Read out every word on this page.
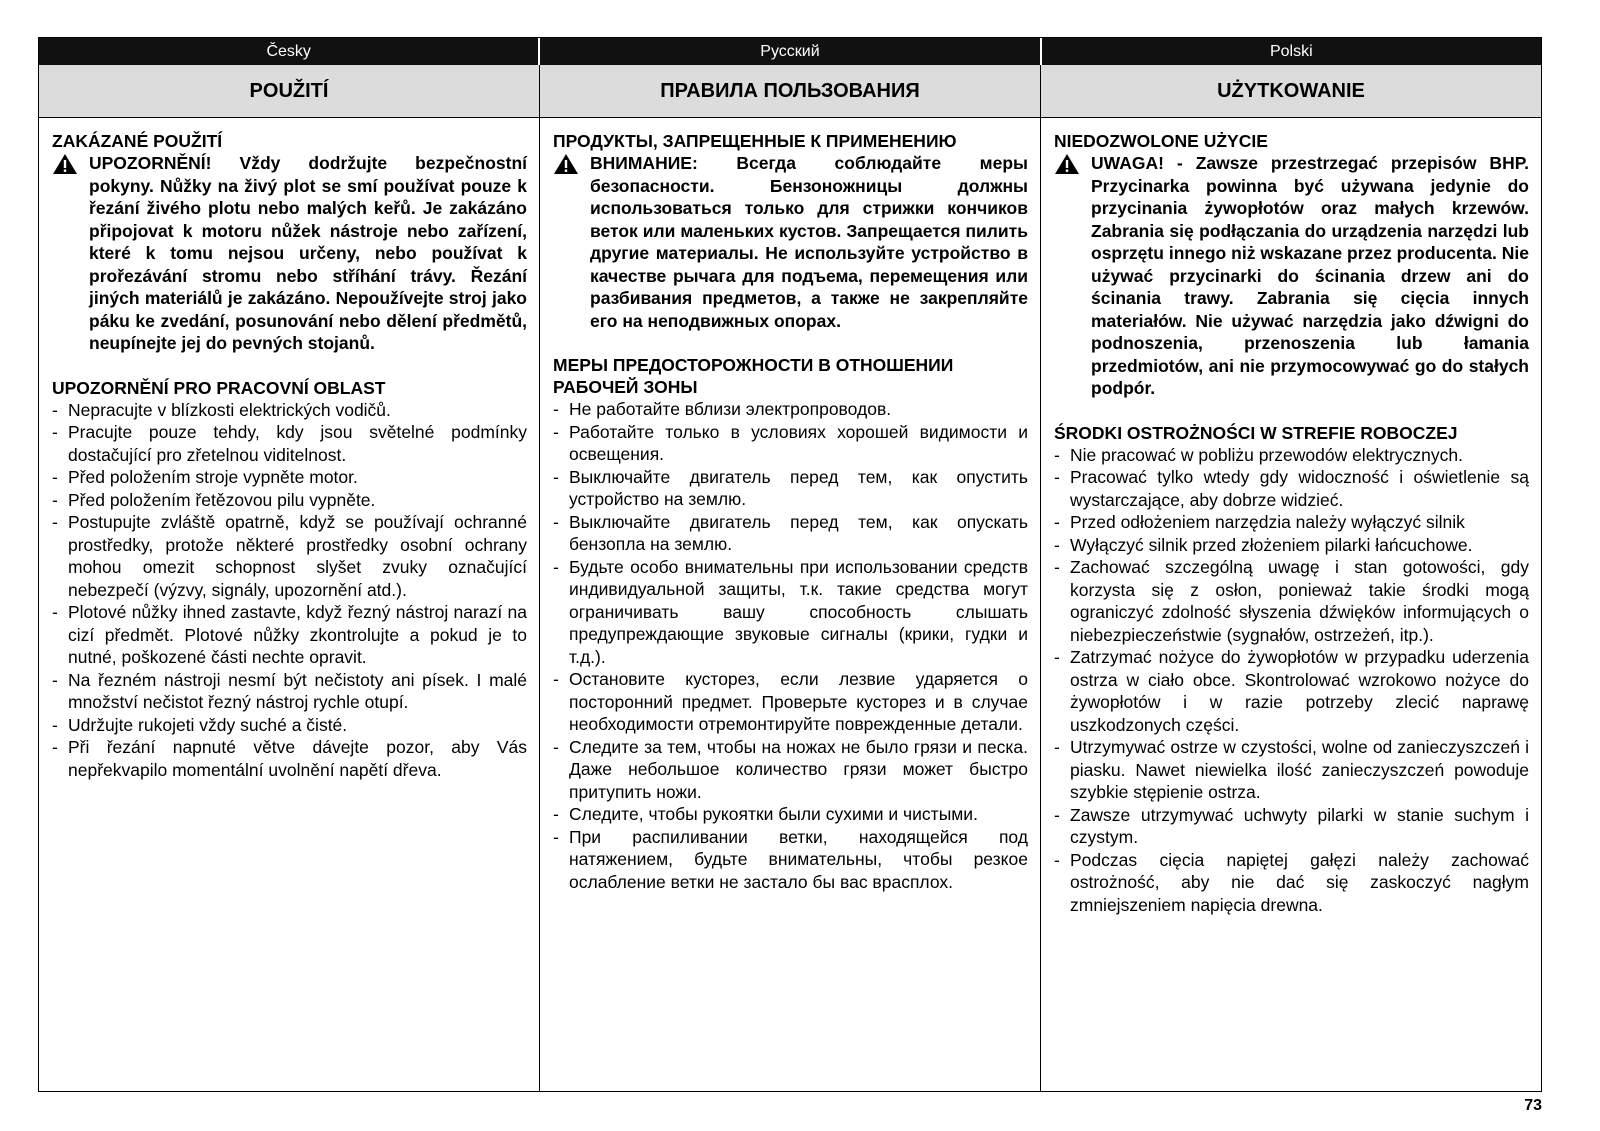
Česky	Русский	Polski
POUŽITÍ	ПРАВИЛА ПОЛЬЗОВАНИЯ	UŻYTKOWANIE

ZAKÁZANÉ POUŽITÍ

UPOZORNĚNÍ! Vždy dodržujte bezpečnostní pokyny. Nůžky na živý plot se smí používat pouze k řezání živého plotu nebo malých keřů. Je zakázáno připojovat k motoru nůžek nástroje nebo zařízení, které k tomu nejsou určeny, nebo používat k prořezávání stromu nebo stříhání trávy. Řezání jiných materiálů je zakázáno. Nepoužívejte stroj jako páku ke zvedání, posunování nebo dělení předmětů, neupínejte jej do pevných stojanů.

UPOZORNĚNÍ PRO PRACOVNÍ OBLAST

- Nepracujte v blízkosti elektrických vodičů.
- Pracujte pouze tehdy, kdy jsou světelné podmínky dostačující pro zřetelnou viditelnost.
- Před položením stroje vypněte motor.
- Před položením řetězovou pilu vypněte.
- Postupujte zvláště opatrně, když se používají ochranné prostředky, protože některé prostředky osobní ochrany mohou omezit schopnost slyšet zvuky označující nebezpečí (výzvy, signály, upozornění atd.).
- Plotové nůžky ihned zastavte, když řezný nástroj narazí na cizí předmět. Plotové nůžky zkontrolujte a pokud je to nutné, poškozené části nechte opravit.
- Na řezném nástroji nesmí být nečistoty ani písek. I malé množství nečistot řezný nástroj rychle otupí.
- Udržujte rukojeti vždy suché a čisté.
- Při řezání napnuté větve dávejte pozor, aby Vás nepřekvapilo momentální uvolnění napětí dřeva.

ПРОДУКТЫ, ЗАПРЕЩЕННЫЕ К ПРИМЕНЕНИЮ

ВНИМАНИЕ: Всегда соблюдайте меры безопасности. Бензоножницы должны использоваться только для стрижки кончиков веток или маленьких кустов. Запрещается пилить другие материалы. Не используйте устройство в качестве рычага для подъема, перемещения или разбивания предметов, а также не закрепляйте его на неподвижных опорах.

МЕРЫ ПРЕДОСТОРОЖНОСТИ В ОТНОШЕНИИ РАБОЧЕЙ ЗОНЫ

- Не работайте вблизи электропроводов.
- Работайте только в условиях хорошей видимости и освещения.
- Выключайте двигатель перед тем, как опустить устройство на землю.
- Выключайте двигатель перед тем, как опускать бензопла на землю.
- Будьте особо внимательны при использовании средств индивидуальной защиты, т.к. такие средства могут ограничивать вашу способность слышать предупреждающие звуковые сигналы (крики, гудки и т.д.).
- Остановите кусторез, если лезвие ударяется о посторонний предмет. Проверьте кусторез и в случае необходимости отремонтируйте поврежденные детали.
- Следите за тем, чтобы на ножах не было грязи и песка. Даже небольшое количество грязи может быстро притупить ножи.
- Следите, чтобы рукоятки были сухими и чистыми.
- При распиливании ветки, находящейся под натяжением, будьте внимательны, чтобы резкое ослабление ветки не застало бы вас врасплох.

NIEDOZWOLONE UŻYCIE

UWAGA! - Zawsze przestrzegać przepisów BHP. Przycinarka powinna być używana jedynie do przycinania żywopłotów oraz małych krzewów. Zabrania się podłączania do urządzenia narzędzi lub osprzętu innego niż wskazane przez producenta. Nie używać przycinarki do ścinania drzew ani do ścinania trawy. Zabrania się cięcia innych materiałów. Nie używać narzędzia jako dźwigni do podnoszenia, przenoszenia lub łamania przedmiotów, ani nie przymocowywać go do stałych podpór.

ŚRODKI OSTROŻNOŚCI W STREFIE ROBOCZEJ

- Nie pracować w pobliżu przewodów elektrycznych.
- Pracować tylko wtedy gdy widoczność i oświetlenie są wystarczające, aby dobrze widzieć.
- Przed odłożeniem narzędzia należy wyłączyć silnik
- Wyłączyć silnik przed złożeniem pilarki łańcuchowe.
- Zachować szczególną uwagę i stan gotowości, gdy korzysta się z osłon, ponieważ takie środki mogą ograniczyć zdolność słyszenia dźwięków informujących o niebezpieczeństwie (sygnałów, ostrzeżeń, itp.).
- Zatrzymać nożyce do żywopłotów w przypadku uderzenia ostrza w ciało obce. Skontrolować wzrokowo nożyce do żywopłotów i w razie potrzeby zlecić naprawę uszkodzonych części.
- Utrzymywać ostrze w czystości, wolne od zanieczyszczeń i piasku. Nawet niewielka ilość zanieczyszczeń powoduje szybkie stępienie ostrza.
- Zawsze utrzymywać uchwyty pilarki w stanie suchym i czystym.
- Podczas cięcia napiętej gałęzi należy zachować ostrożność, aby nie dać się zaskoczyć nagłym zmniejszeniem napięcia drewna.
73
